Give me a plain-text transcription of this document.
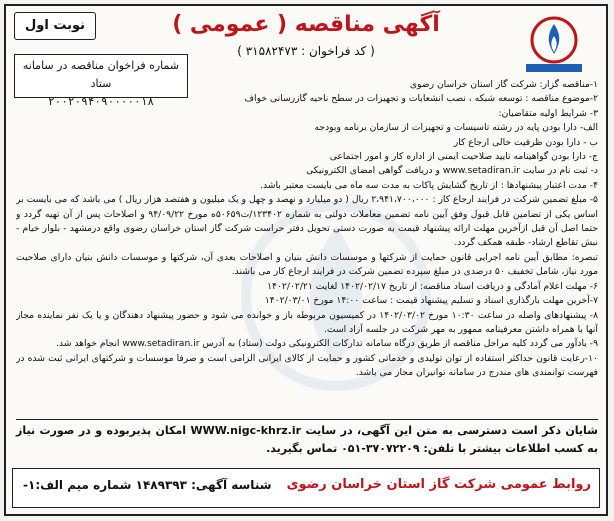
آگهی مناقصه ( عمومی )
( کد فراخوان : ۳۱۵۸۲۴۷۳ )
نوبت اول
شماره فراخوان مناقصه در سامانه ستاد
۲۰۰۲۰۹۴۰۹۰۰۰۰۰۱۸

۱-مناقصه گزار: شرکت گاز استان خراسان رضوی

۲-موضوع مناقصه : توسعه شبکه ، نصب انشعابات و تجهیزات در سطح ناحیه گازرسانی خواف

۳- شرایط اولیه متقاضیان:

الف- دارا بودن پایه در رشته تاسیسات و تجهیزات از سازمان برنامه وبودجه

ب - دارا بودن ظرفیت خالی ارجاع کار

ج- دارا بودن گواهینامه تایید صلاحیت ایمنی از اداره کار و امور اجتماعی

د- ثبت نام در سایت www.setadiran.ir و دریافت گواهی امضای الکترونیکی

۴- مدت اعتبار پیشنهادها : از تاریخ گشایش پاکات به مدت سه ماه می بایست معتبر باشد.

۵- مبلغ تضمین شرکت در فرایند ارجاع کار : ۲،۹۴۱،۷۰۰،۰۰۰ ریال ( دو میلیارد و نهصد و چهل و یک میلیون و هفتصد هزار ریال ) می باشد که می بایست بر اساس یکی از تضامین قابل قبول وفق آیین نامه تضمین معاملات دولتی به شماره ۱۲۳۴۰۲/ت۵۰۶۵۹ه مورخ ۹۴/۰۹/۲۲ و اصلاحات پس از آن تهیه گردد و حتما اصل آن قبل ازآخرین مهلت ارائه پیشنهاد قیمت به صورت دستی تحویل دفتر حراست شرکت گاز استان خراسان رضوی واقع درمشهد - بلوار خیام - نبش تقاطع ارشاد- طبقه همکف گردد.

تبصره: مطابق آیین نامه اجرایی قانون حمایت از شرکتها و موسسات دانش بنیان و اصلاحات بعدی آن، شرکتها و موسسات دانش بنیان دارای صلاحیت مورد نیاز، شامل تخفیف ۵۰ درصدی در مبلغ سپرده تضمین شرکت در فرایند ارجاع کار می باشند.

۶- مهلت اعلام آمادگی و دریافت اسناد مناقصه: از تاریخ ۱۴۰۲/۰۲/۱۷ لغایت ۱۴۰۲/۰۲/۲۱

۷-آخرین مهلت بارگذاری اسناد و تسلیم پیشنهاد قیمت : ساعت ۱۴:۰۰ مورخ ۱۴۰۲/۰۳/۰۱

۸- پیشنهادهای واصله در ساعت ۱۰:۳۰ مورخ ۱۴۰۲/۰۳/۰۲ در کمیسیون مربوطه باز و خوانده می شود و حضور پیشنهاد دهندگان و یا یک نفر نماینده مجاز آنها با همراه داشتن معرفینامه ممهور به مهر شرکت در جلسه آزاد است.

۹- یادآور می گردد کلیه مراحل مناقصه از طریق درگاه سامانه تدارکات الکترونیکی دولت (ستاد) به آدرس www.setadiran.ir انجام خواهد شد.

۱۰-رعایت قانون حداکثر استفاده از توان تولیدی و خدماتی کشور و حمایت از کالای ایرانی الزامی است و صرفا موسسات و شرکتهای ایرانی ثبت شده در فهرست توانمندی های مندرج در سامانه توانیران مجاز می باشد.

شایان ذکر است دسترسی به متن این آگهی، در سایت WWW.nigc-khrz.ir امکان پذیربوده و در صورت نیاز به کسب اطلاعات بیشتر با تلفن: ۳۷۰۷۲۲۰۹-۰۵۱ تماس بگیرید.
روابط عمومی شرکت گاز استان خراسان رضوی
شناسه آگهی: ۱۴۸۹۳۹۳ شماره میم الف:۱-
